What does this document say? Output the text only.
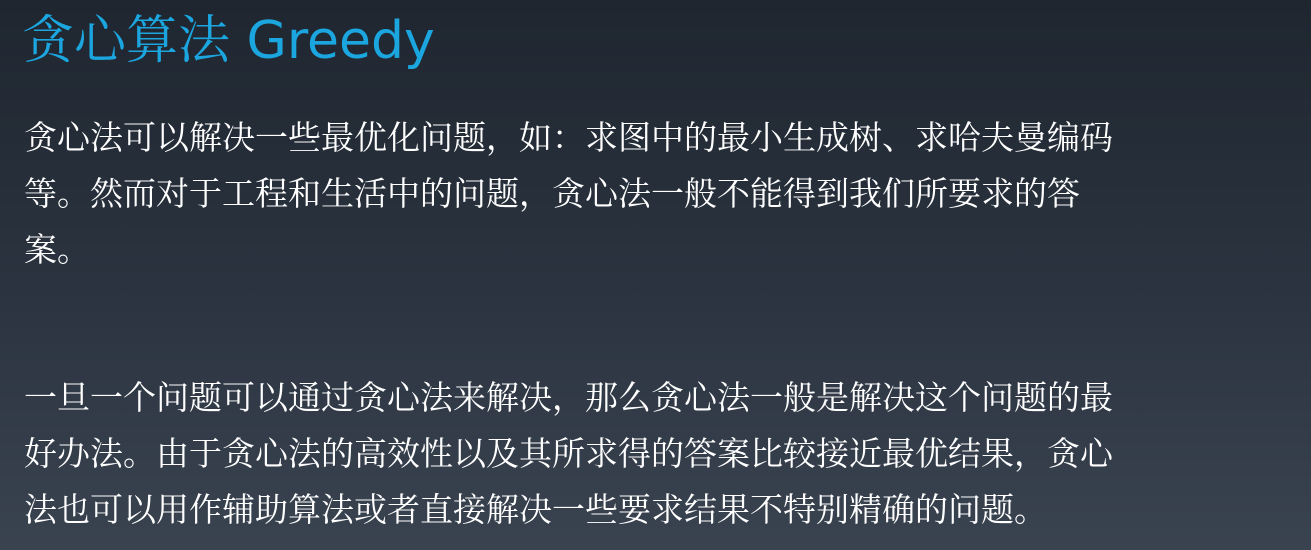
贪心算法 Greedy

贪心法可以解决一些最优化问题，如：求图中的最小生成树、求哈夫曼编码
等。然而对于工程和生活中的问题，贪心法一般不能得到我们所要求的答
案。

一旦一个问题可以通过贪心法来解决，那么贪心法一般是解决这个问题的最
好办法。由于贪心法的高效性以及其所求得的答案比较接近最优结果，贪心
法也可以用作辅助算法或者直接解决一些要求结果不特别精确的问题。
